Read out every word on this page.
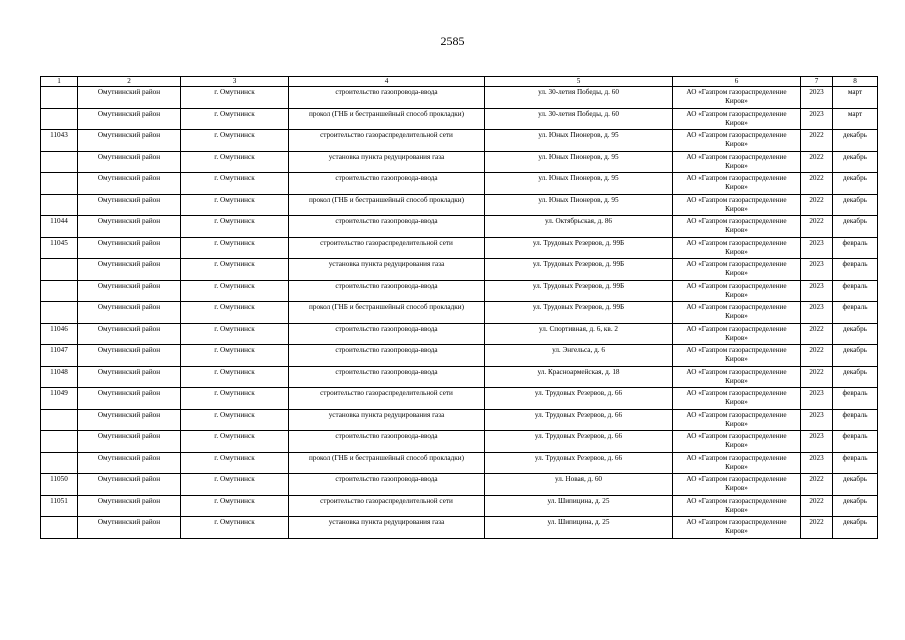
2585
1	2	3	4	5	6	7	8
	Омутнинский район	г. Омутнинск	строительство газопровода-ввода	ул. 30-летия Победы, д. 60	АО «Газпром газораспределение Киров»	2023	март
	Омутнинский район	г. Омутнинск	прокол (ГНБ и бестраншейный способ прокладки)	ул. 30-летия Победы, д. 60	АО «Газпром газораспределение Киров»	2023	март
11043	Омутнинский район	г. Омутнинск	строительство газораспределительной сети	ул. Юных Пионеров, д. 95	АО «Газпром газораспределение Киров»	2022	декабрь
	Омутнинский район	г. Омутнинск	установка пункта редуцирования газа	ул. Юных Пионеров, д. 95	АО «Газпром газораспределение Киров»	2022	декабрь
	Омутнинский район	г. Омутнинск	строительство газопровода-ввода	ул. Юных Пионеров, д. 95	АО «Газпром газораспределение Киров»	2022	декабрь
	Омутнинский район	г. Омутнинск	прокол (ГНБ и бестраншейный способ прокладки)	ул. Юных Пионеров, д. 95	АО «Газпром газораспределение Киров»	2022	декабрь
11044	Омутнинский район	г. Омутнинск	строительство газопровода-ввода	ул. Октябрьская, д. 86	АО «Газпром газораспределение Киров»	2022	декабрь
11045	Омутнинский район	г. Омутнинск	строительство газораспределительной сети	ул. Трудовых Резервов, д. 99Б	АО «Газпром газораспределение Киров»	2023	февраль
	Омутнинский район	г. Омутнинск	установка пункта редуцирования газа	ул. Трудовых Резервов, д. 99Б	АО «Газпром газораспределение Киров»	2023	февраль
	Омутнинский район	г. Омутнинск	строительство газопровода-ввода	ул. Трудовых Резервов, д. 99Б	АО «Газпром газораспределение Киров»	2023	февраль
	Омутнинский район	г. Омутнинск	прокол (ГНБ и бестраншейный способ прокладки)	ул. Трудовых Резервов, д. 99Б	АО «Газпром газораспределение Киров»	2023	февраль
11046	Омутнинский район	г. Омутнинск	строительство газопровода-ввода	ул. Спортивная, д. 6, кв. 2	АО «Газпром газораспределение Киров»	2022	декабрь
11047	Омутнинский район	г. Омутнинск	строительство газопровода-ввода	ул. Энгельса, д. 6	АО «Газпром газораспределение Киров»	2022	декабрь
11048	Омутнинский район	г. Омутнинск	строительство газопровода-ввода	ул. Красноармейская, д. 18	АО «Газпром газораспределение Киров»	2022	декабрь
11049	Омутнинский район	г. Омутнинск	строительство газораспределительной сети	ул. Трудовых Резервов, д. 66	АО «Газпром газораспределение Киров»	2023	февраль
	Омутнинский район	г. Омутнинск	установка пункта редуцирования газа	ул. Трудовых Резервов, д. 66	АО «Газпром газораспределение Киров»	2023	февраль
	Омутнинский район	г. Омутнинск	строительство газопровода-ввода	ул. Трудовых Резервов, д. 66	АО «Газпром газораспределение Киров»	2023	февраль
	Омутнинский район	г. Омутнинск	прокол (ГНБ и бестраншейный способ прокладки)	ул. Трудовых Резервов, д. 66	АО «Газпром газораспределение Киров»	2023	февраль
11050	Омутнинский район	г. Омутнинск	строительство газопровода-ввода	ул. Новая, д. 60	АО «Газпром газораспределение Киров»	2022	декабрь
11051	Омутнинский район	г. Омутнинск	строительство газораспределительной сети	ул. Шипицина, д. 25	АО «Газпром газораспределение Киров»	2022	декабрь
	Омутнинский район	г. Омутнинск	установка пункта редуцирования газа	ул. Шипицина, д. 25	АО «Газпром газораспределение Киров»	2022	декабрь
